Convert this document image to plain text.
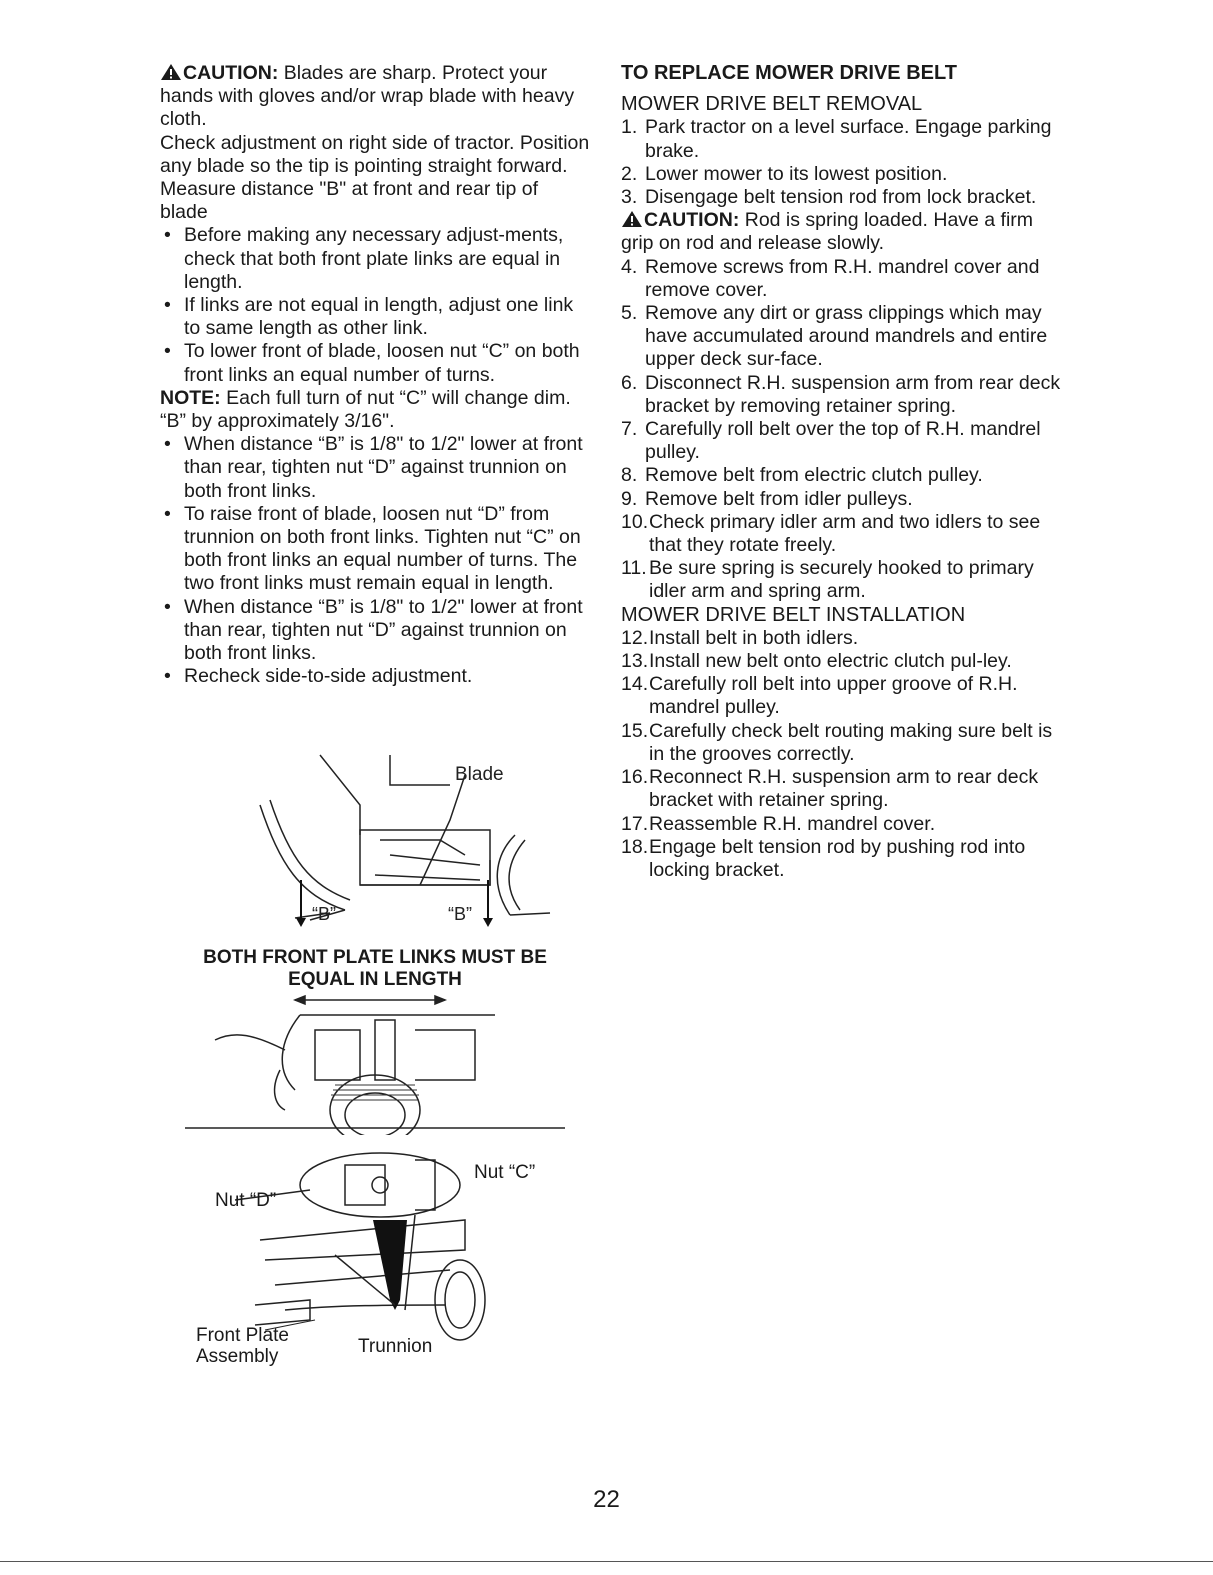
CAUTION: Blades are sharp. Protect your hands with gloves and/or wrap blade with heavy cloth.

Check adjustment on right side of tractor. Position any blade so the tip is pointing straight forward. Measure distance "B" at front and rear tip of blade

• Before making any necessary adjust-ments, check that both front plate links are equal in length.

• If links are not equal in length, adjust one link to same length as other link.

• To lower front of blade, loosen nut “C” on both front links an equal number of turns.

NOTE: Each full turn of nut “C” will change dim. “B” by approximately 3/16".

• When distance “B” is 1/8" to 1/2" lower at front than rear, tighten nut “D” against trunnion on both front links.

• To raise front of blade, loosen nut “D” from trunnion on both front links. Tighten nut “C” on both front links an equal number of turns. The two front links must remain equal in length.

• When distance “B” is 1/8" to 1/2" lower at front than rear, tighten nut “D” against trunnion on both front links.

• Recheck side-to-side adjustment.

Blade
“B”	“B”
BOTH FRONT PLATE LINKS MUST BE
EQUAL IN LENGTH
Nut “D”
Nut “C”
Front Plate
Assembly	Trunnion

TO REPLACE MOWER DRIVE BELT

MOWER DRIVE BELT REMOVAL

1. Park tractor on a level surface. Engage parking brake.
2. Lower mower to its lowest position.
3. Disengage belt tension rod from lock bracket.

CAUTION: Rod is spring loaded. Have a firm grip on rod and release slowly.

4. Remove screws from R.H. mandrel cover and remove cover.
5. Remove any dirt or grass clippings which may have accumulated around mandrels and entire upper deck sur-face.
6. Disconnect R.H. suspension arm from rear deck bracket by removing retainer spring.
7. Carefully roll belt over the top of R.H. mandrel pulley.
8. Remove belt from electric clutch pulley.
9. Remove belt from idler pulleys.
10. Check primary idler arm and two idlers to see that they rotate freely.
11. Be sure spring is securely hooked to primary idler arm and spring arm.

MOWER DRIVE BELT INSTALLATION

12. Install belt in both idlers.
13. Install new belt onto electric clutch pul-ley.
14. Carefully roll belt into upper groove of R.H. mandrel pulley.
15. Carefully check belt routing making sure belt is in the grooves correctly.
16. Reconnect R.H. suspension arm to rear deck bracket with retainer spring.
17. Reassemble R.H. mandrel cover.
18. Engage belt tension rod by pushing rod into locking bracket.
22
